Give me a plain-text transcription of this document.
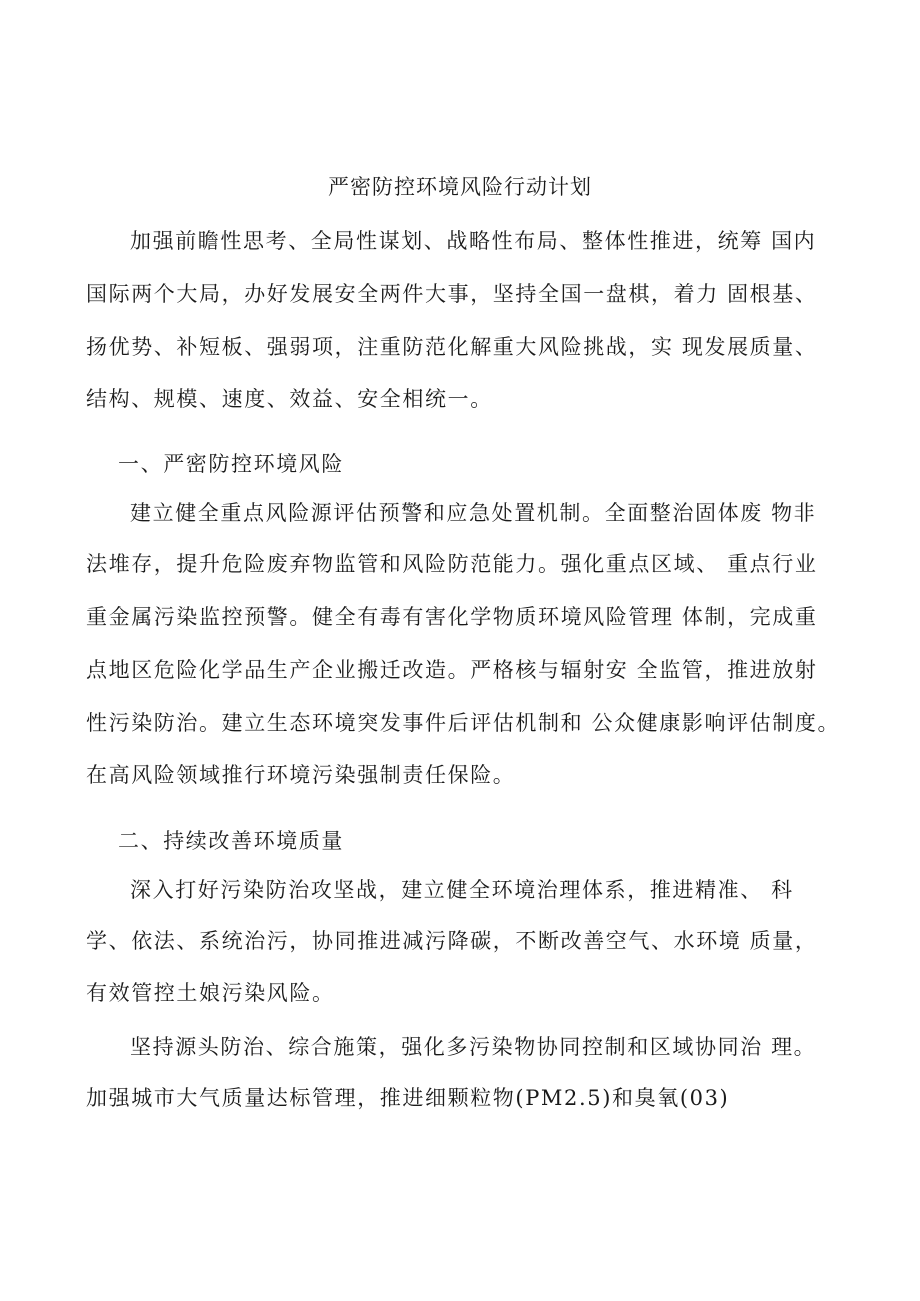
严密防控环境风险行动计划
加强前瞻性思考、全局性谋划、战略性布局、整体性推进，统筹 国内
国际两个大局，办好发展安全两件大事，坚持全国一盘棋，着力 固根基、
扬优势、补短板、强弱项，注重防范化解重大风险挑战，实 现发展质量、
结构、规模、速度、效益、安全相统一。
一、严密防控环境风险
建立健全重点风险源评估预警和应急处置机制。全面整治固体废 物非
法堆存，提升危险废弃物监管和风险防范能力。强化重点区域、 重点行业
重金属污染监控预警。健全有毒有害化学物质环境风险管理 体制，完成重
点地区危险化学品生产企业搬迁改造。严格核与辐射安 全监管，推进放射
性污染防治。建立生态环境突发事件后评估机制和 公众健康影响评估制度。
在高风险领域推行环境污染强制责任保险。
二、持续改善环境质量
深入打好污染防治攻坚战，建立健全环境治理体系，推进精准、 科
学、依法、系统治污，协同推进减污降碳，不断改善空气、水环境 质量，
有效管控土娘污染风险。
坚持源头防治、综合施策，强化多污染物协同控制和区域协同治 理。
加强城市大气质量达标管理，推进细颗粒物(PM2.5)和臭氧(03)
